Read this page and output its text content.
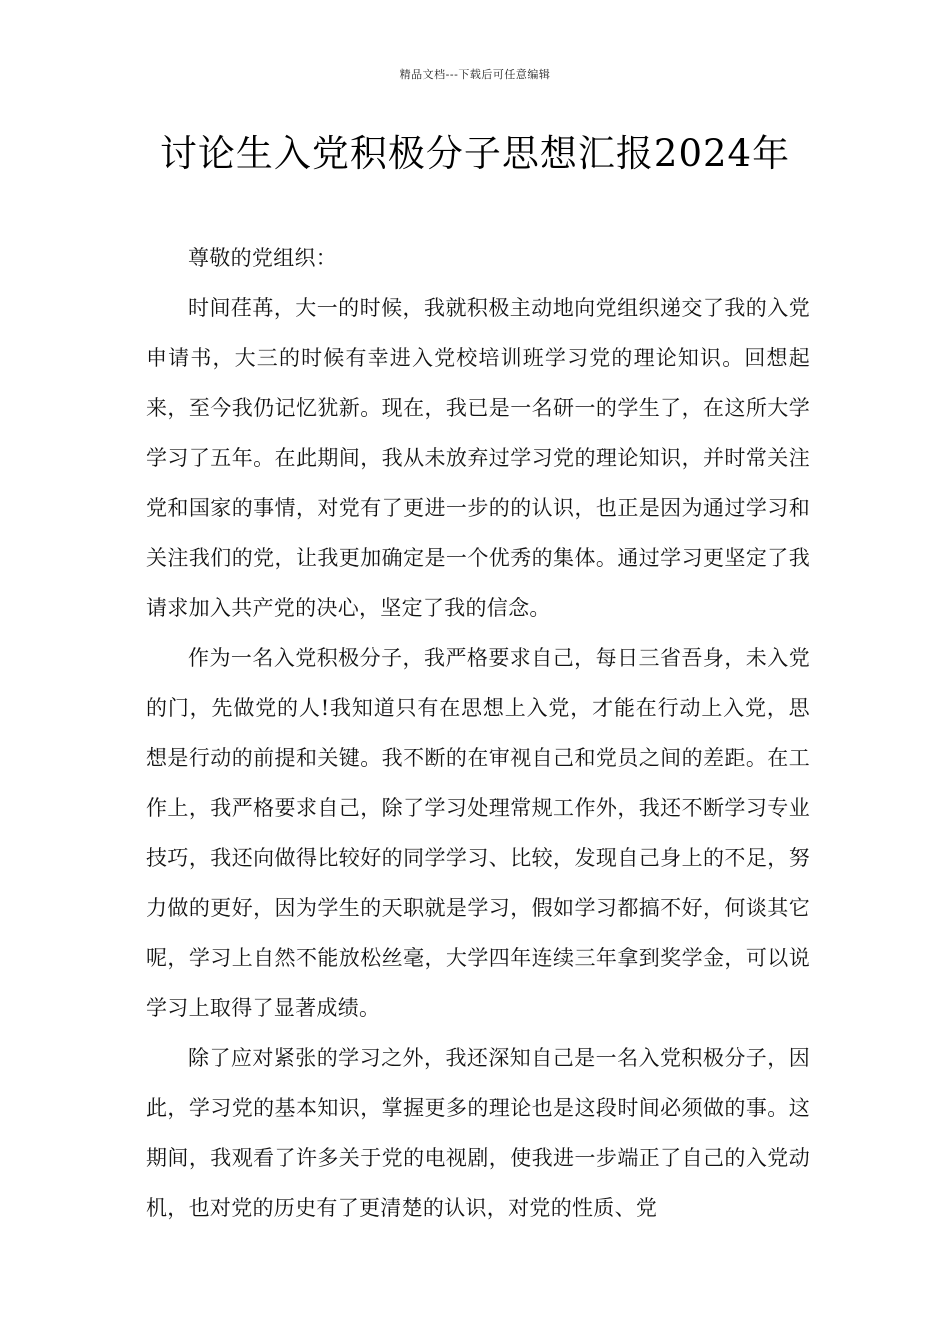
精品文档---下载后可任意编辑
讨论生入党积极分子思想汇报2024年

尊敬的党组织：

时间荏苒，大一的时候，我就积极主动地向党组织递交了我的入党申请书，大三的时候有幸进入党校培训班学习党的理论知识。回想起来，至今我仍记忆犹新。现在，我已是一名研一的学生了，在这所大学学习了五年。在此期间，我从未放弃过学习党的理论知识，并时常关注党和国家的事情，对党有了更进一步的的认识，也正是因为通过学习和关注我们的党，让我更加确定是一个优秀的集体。通过学习更坚定了我请求加入共产党的决心，坚定了我的信念。

作为一名入党积极分子，我严格要求自己，每日三省吾身，未入党的门，先做党的人!我知道只有在思想上入党，才能在行动上入党，思想是行动的前提和关键。我不断的在审视自己和党员之间的差距。在工作上，我严格要求自己，除了学习处理常规工作外，我还不断学习专业技巧，我还向做得比较好的同学学习、比较，发现自己身上的不足，努力做的更好，因为学生的天职就是学习，假如学习都搞不好，何谈其它呢，学习上自然不能放松丝毫，大学四年连续三年拿到奖学金，可以说学习上取得了显著成绩。

除了应对紧张的学习之外，我还深知自己是一名入党积极分子，因此，学习党的基本知识，掌握更多的理论也是这段时间必须做的事。这期间，我观看了许多关于党的电视剧，使我进一步端正了自己的入党动机，也对党的历史有了更清楚的认识，对党的性质、党
